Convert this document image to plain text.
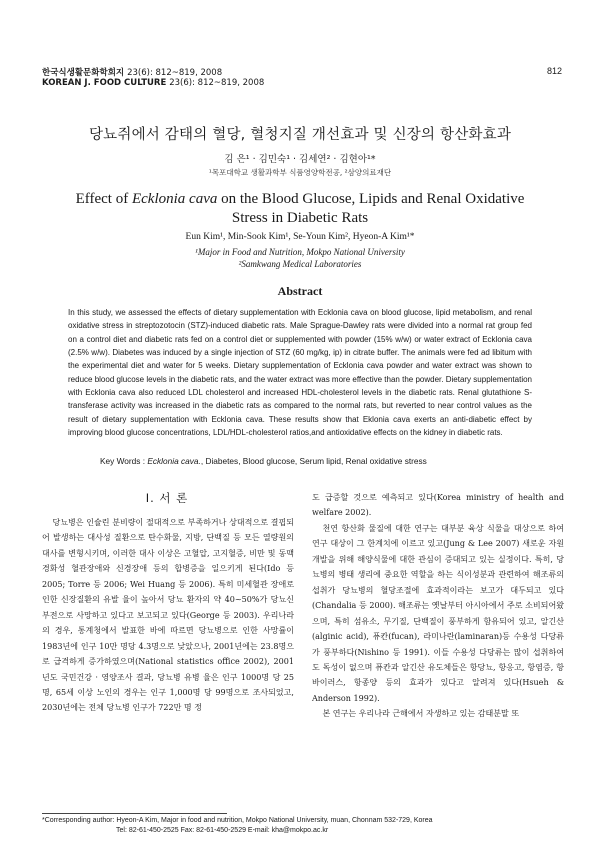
한국식생활문화학회지 23(6): 812~819, 2008
KOREAN J. FOOD CULTURE 23(6): 812~819, 2008
812
당뇨쥐에서 감태의 혈당, 혈청지질 개선효과 및 신장의 항산화효과
김 은¹ · 김민숙¹ · 김세연² · 김현아¹*
¹목포대학교 생활과학부 식품영양학전공, ²삼양의료재단
Effect of Ecklonia cava on the Blood Glucose, Lipids and Renal Oxidative
Stress in Diabetic Rats
Eun Kim¹, Min-Sook Kim¹, Se-Youn Kim², Hyeon-A Kim¹*
¹Major in Food and Nutrition, Mokpo National University
²Samkwang Medical Laboratories
Abstract
In this study, we assessed the effects of dietary supplementation with Ecklonia cava on blood glucose, lipid metabolism, and renal oxidative stress in streptozotocin (STZ)-induced diabetic rats. Male Sprague-Dawley rats were divided into a normal rat group fed on a control diet and diabetic rats fed on a control diet or supplemented with powder (15% w/w) or water extract of Ecklonia cava (2.5% w/w). Diabetes was induced by a single injection of STZ (60 mg/kg, ip) in citrate buffer. The animals were fed ad libitum with the experimental diet and water for 5 weeks. Dietary supplementation of Ecklonia cava powder and water extract was shown to reduce blood glucose levels in the diabetic rats, and the water extract was more effective than the powder. Dietary supplementation with Ecklonia cava also reduced LDL cholesterol and increased HDL-cholesterol levels in the diabetic rats. Renal glutathione S-transferase activity was increased in the diabetic rats as compared to the normal rats, but reverted to near control values as the result of dietary supplementation with Ecklonia cava. These results show that Eklonia cava exerts an anti-diabetic effect by improving blood glucose concentrations, LDL/HDL-cholesterol ratios,and antioxidative effects on the kidney in diabetic rats.
Key Words : Ecklonia cava., Diabetes, Blood glucose, Serum lipid, Renal oxidative stress
Ⅰ. 서 론

당뇨병은 인슐린 분비량이 절대적으로 부족하거나 상대적으로 결핍되어 발생하는 대사성 질환으로 탄수화물, 지방, 단백질 등 모든 열량원의 대사를 변형시키며, 이러한 대사 이상은 고혈압, 고지혈증, 비만 및 동맥경화성 혈관장애와 신경장애 등의 합병증을 일으키게 된다(Ido 등 2005; Torre 등 2006; Wei Huang 등 2006). 특히 미세혈관 장애로 인한 신장질환의 유발 율이 높아서 당뇨 환자의 약 40~50%가 당뇨신부전으로 사망하고 있다고 보고되고 있다(George 등 2003). 우리나라의 경우, 통계청에서 발표한 바에 따르면 당뇨병으로 인한 사망률이 1983년에 인구 10만 명당 4.3명으로 낮았으나, 2001년에는 23.8명으로 급격하게 증가하였으며(National statistics office 2002), 2001년도 국민건강 · 영양조사 결과, 당뇨병 유병 율은 인구 1000명 당 25명, 65세 이상 노인의 경우는 인구 1,000명 당 99명으로 조사되었고, 2030년에는 전체 당뇨병 인구가 722만 명 정

도 급증할 것으로 예측되고 있다(Korea ministry of health and welfare 2002).

천연 항산화 물질에 대한 연구는 대부분 육상 식물을 대상으로 하여 연구 대상이 그 한계치에 이르고 있고(Jung & Lee 2007) 새로운 자원개발을 위해 해양식물에 대한 관심이 증대되고 있는 실정이다. 특히, 당뇨병의 병태 생리에 중요한 역할을 하는 식이성분과 관련하여 해조류의 섭취가 당뇨병의 혈당조절에 효과적이라는 보고가 대두되고 있다(Chandalia 등 2000). 해조류는 옛날부터 아시아에서 주로 소비되어왔으며, 특히 섬유소, 무기질, 단백질이 풍부하게 함유되어 있고, 알긴산(alginic acid), 퓨칸(fucan), 라미나란(laminaran)등 수용성 다당류가 풍부하다(Nishino 등 1991). 이들 수용성 다당류는 많이 섭취하여도 독성이 없으며 퓨칸과 알긴산 유도체들은 항당뇨, 항응고, 항염증, 항바이러스, 항종양 등의 효과가 있다고 알려져 있다(Hsueh & Anderson 1992).

본 연구는 우리나라 근해에서 자생하고 있는 감태분말 또

*Corresponding author: Hyeon-A Kim, Major in food and nutrition, Mokpo National University, muan, Chonnam 532-729, Korea
Tel: 82-61-450-2525 Fax: 82-61-450-2529 E-mail: kha@mokpo.ac.kr
